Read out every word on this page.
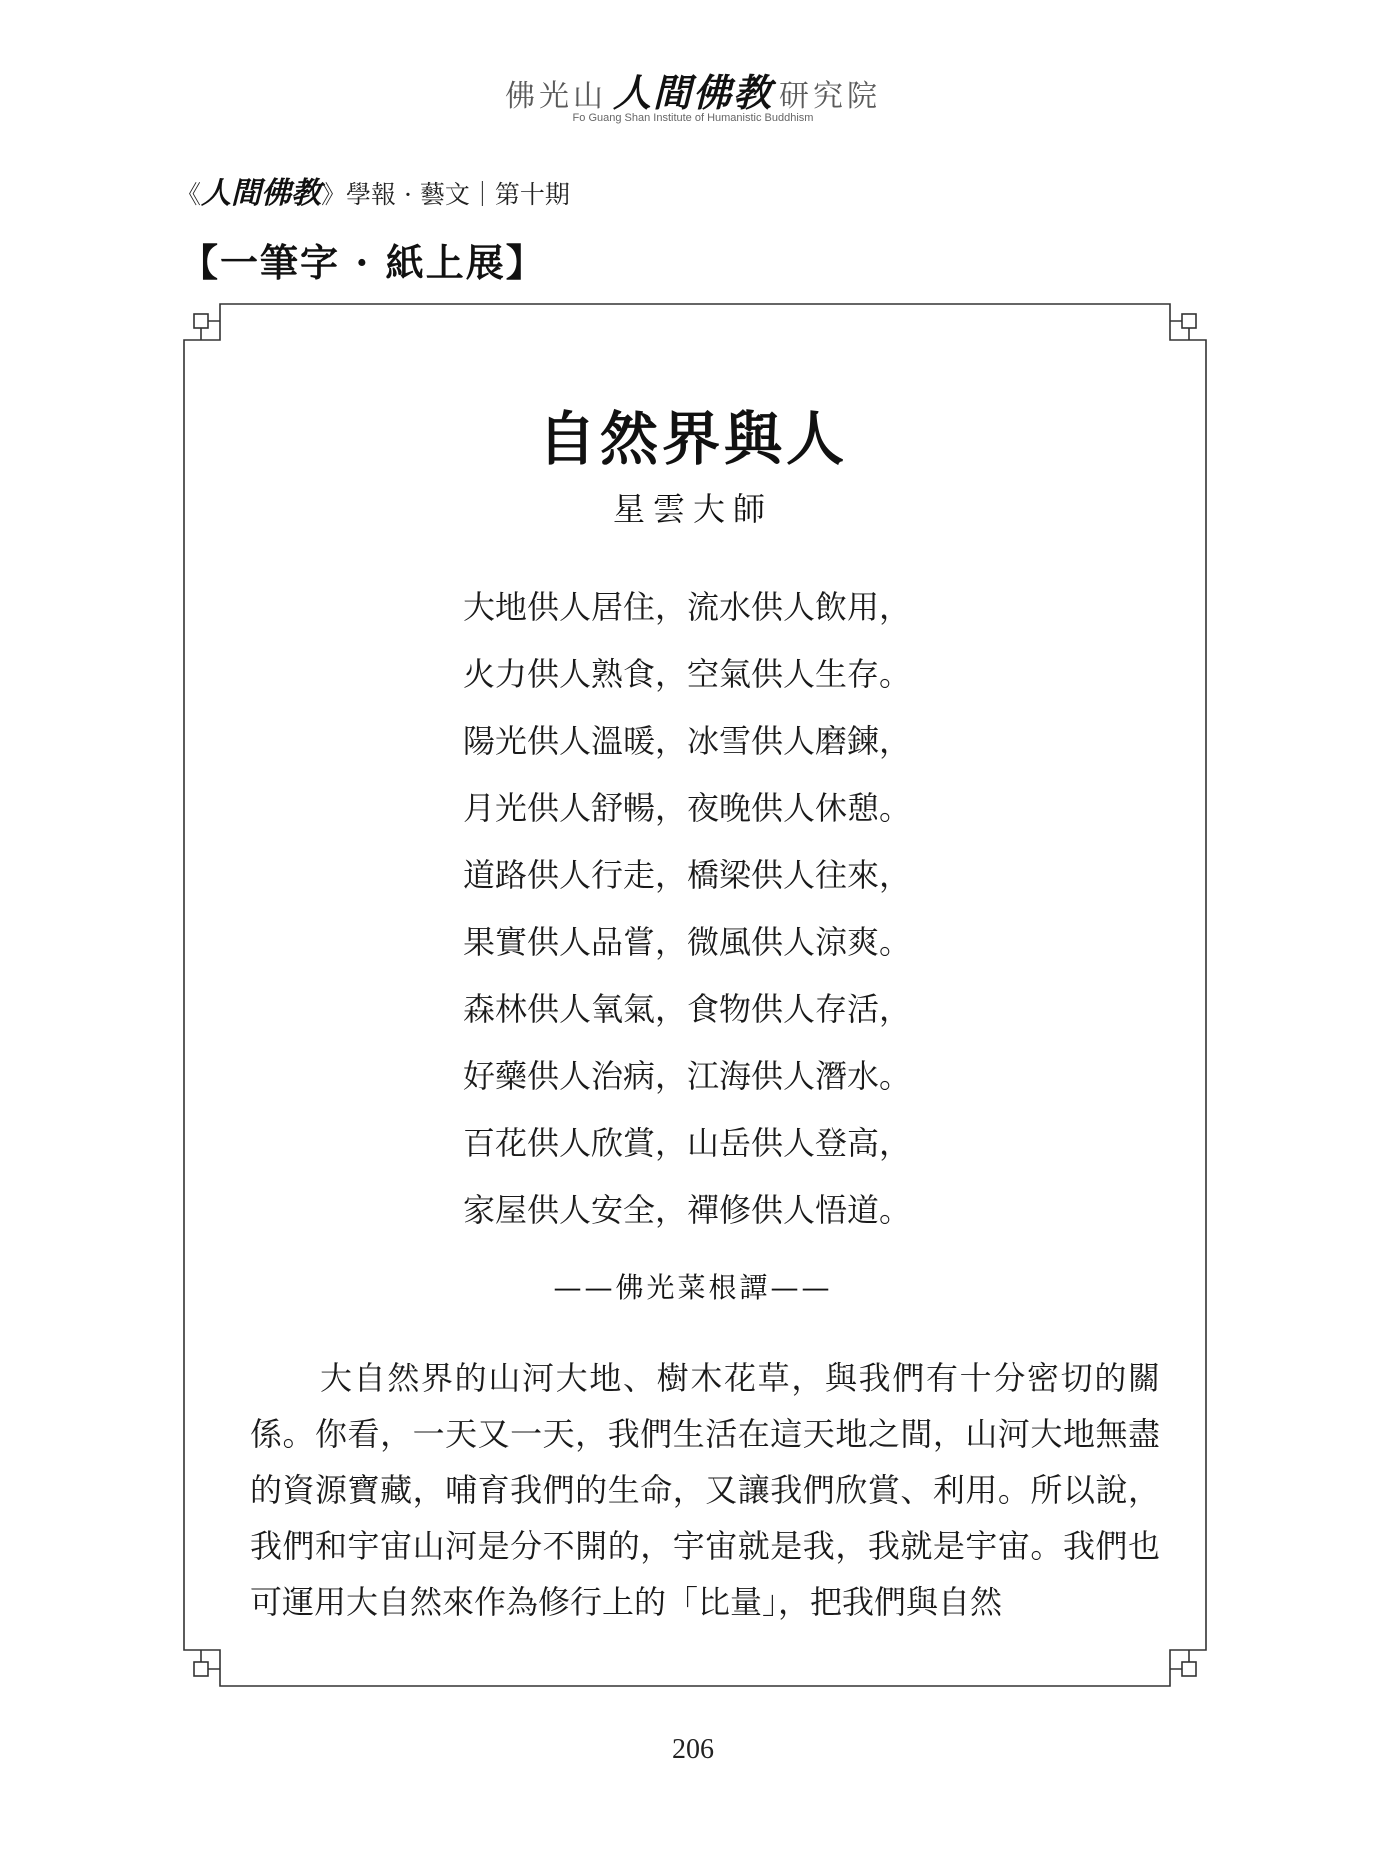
佛光山 人間佛教 研究院
Fo Guang Shan Institute of Humanistic Buddhism
《人間佛教》學報 · 藝文｜第十期
【一筆字 · 紙上展】
自然界與人
星雲大師
大地供人居住，流水供人飲用，
火力供人熟食，空氣供人生存。
陽光供人溫暖，冰雪供人磨鍊，
月光供人舒暢，夜晚供人休憩。
道路供人行走，橋梁供人往來，
果實供人品嘗，微風供人涼爽。
森林供人氧氣，食物供人存活，
好藥供人治病，江海供人潛水。
百花供人欣賞，山岳供人登高，
家屋供人安全，禪修供人悟道。
——佛光菜根譚——

大自然界的山河大地、樹木花草，與我們有十分密切的關係。你看，一天又一天，我們生活在這天地之間，山河大地無盡的資源寶藏，哺育我們的生命，又讓我們欣賞、利用。所以說，我們和宇宙山河是分不開的，宇宙就是我，我就是宇宙。我們也可運用大自然來作為修行上的「比量」，把我們與自然

206
